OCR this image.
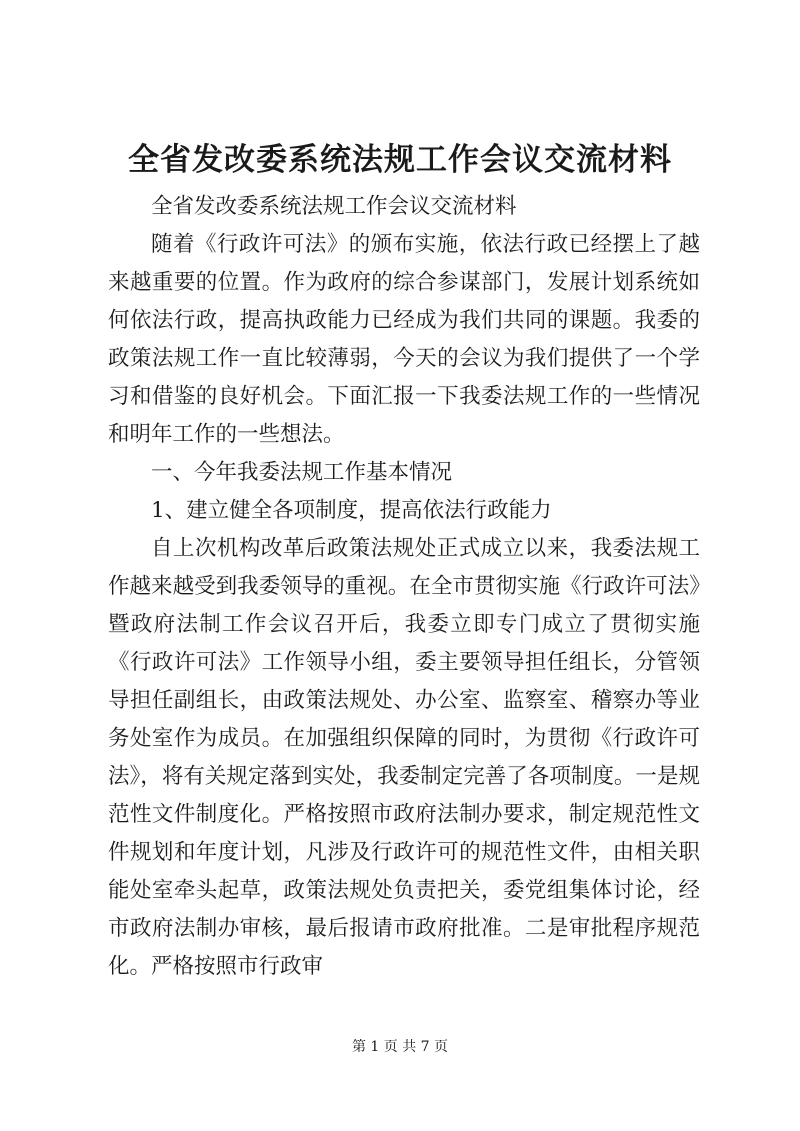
全省发改委系统法规工作会议交流材料

全省发改委系统法规工作会议交流材料

随着《行政许可法》的颁布实施，依法行政已经摆上了越来越重要的位置。作为政府的综合参谋部门，发展计划系统如何依法行政，提高执政能力已经成为我们共同的课题。我委的政策法规工作一直比较薄弱，今天的会议为我们提供了一个学习和借鉴的良好机会。下面汇报一下我委法规工作的一些情况和明年工作的一些想法。

一、今年我委法规工作基本情况

1、建立健全各项制度，提高依法行政能力

自上次机构改革后政策法规处正式成立以来，我委法规工作越来越受到我委领导的重视。在全市贯彻实施《行政许可法》暨政府法制工作会议召开后，我委立即专门成立了贯彻实施《行政许可法》工作领导小组，委主要领导担任组长，分管领导担任副组长，由政策法规处、办公室、监察室、稽察办等业务处室作为成员。在加强组织保障的同时，为贯彻《行政许可法》，将有关规定落到实处，我委制定完善了各项制度。一是规范性文件制度化。严格按照市政府法制办要求，制定规范性文件规划和年度计划，凡涉及行政许可的规范性文件，由相关职能处室牵头起草，政策法规处负责把关，委党组集体讨论，经市政府法制办审核，最后报请市政府批准。二是审批程序规范化。严格按照市行政审

第 1 页 共 7 页
